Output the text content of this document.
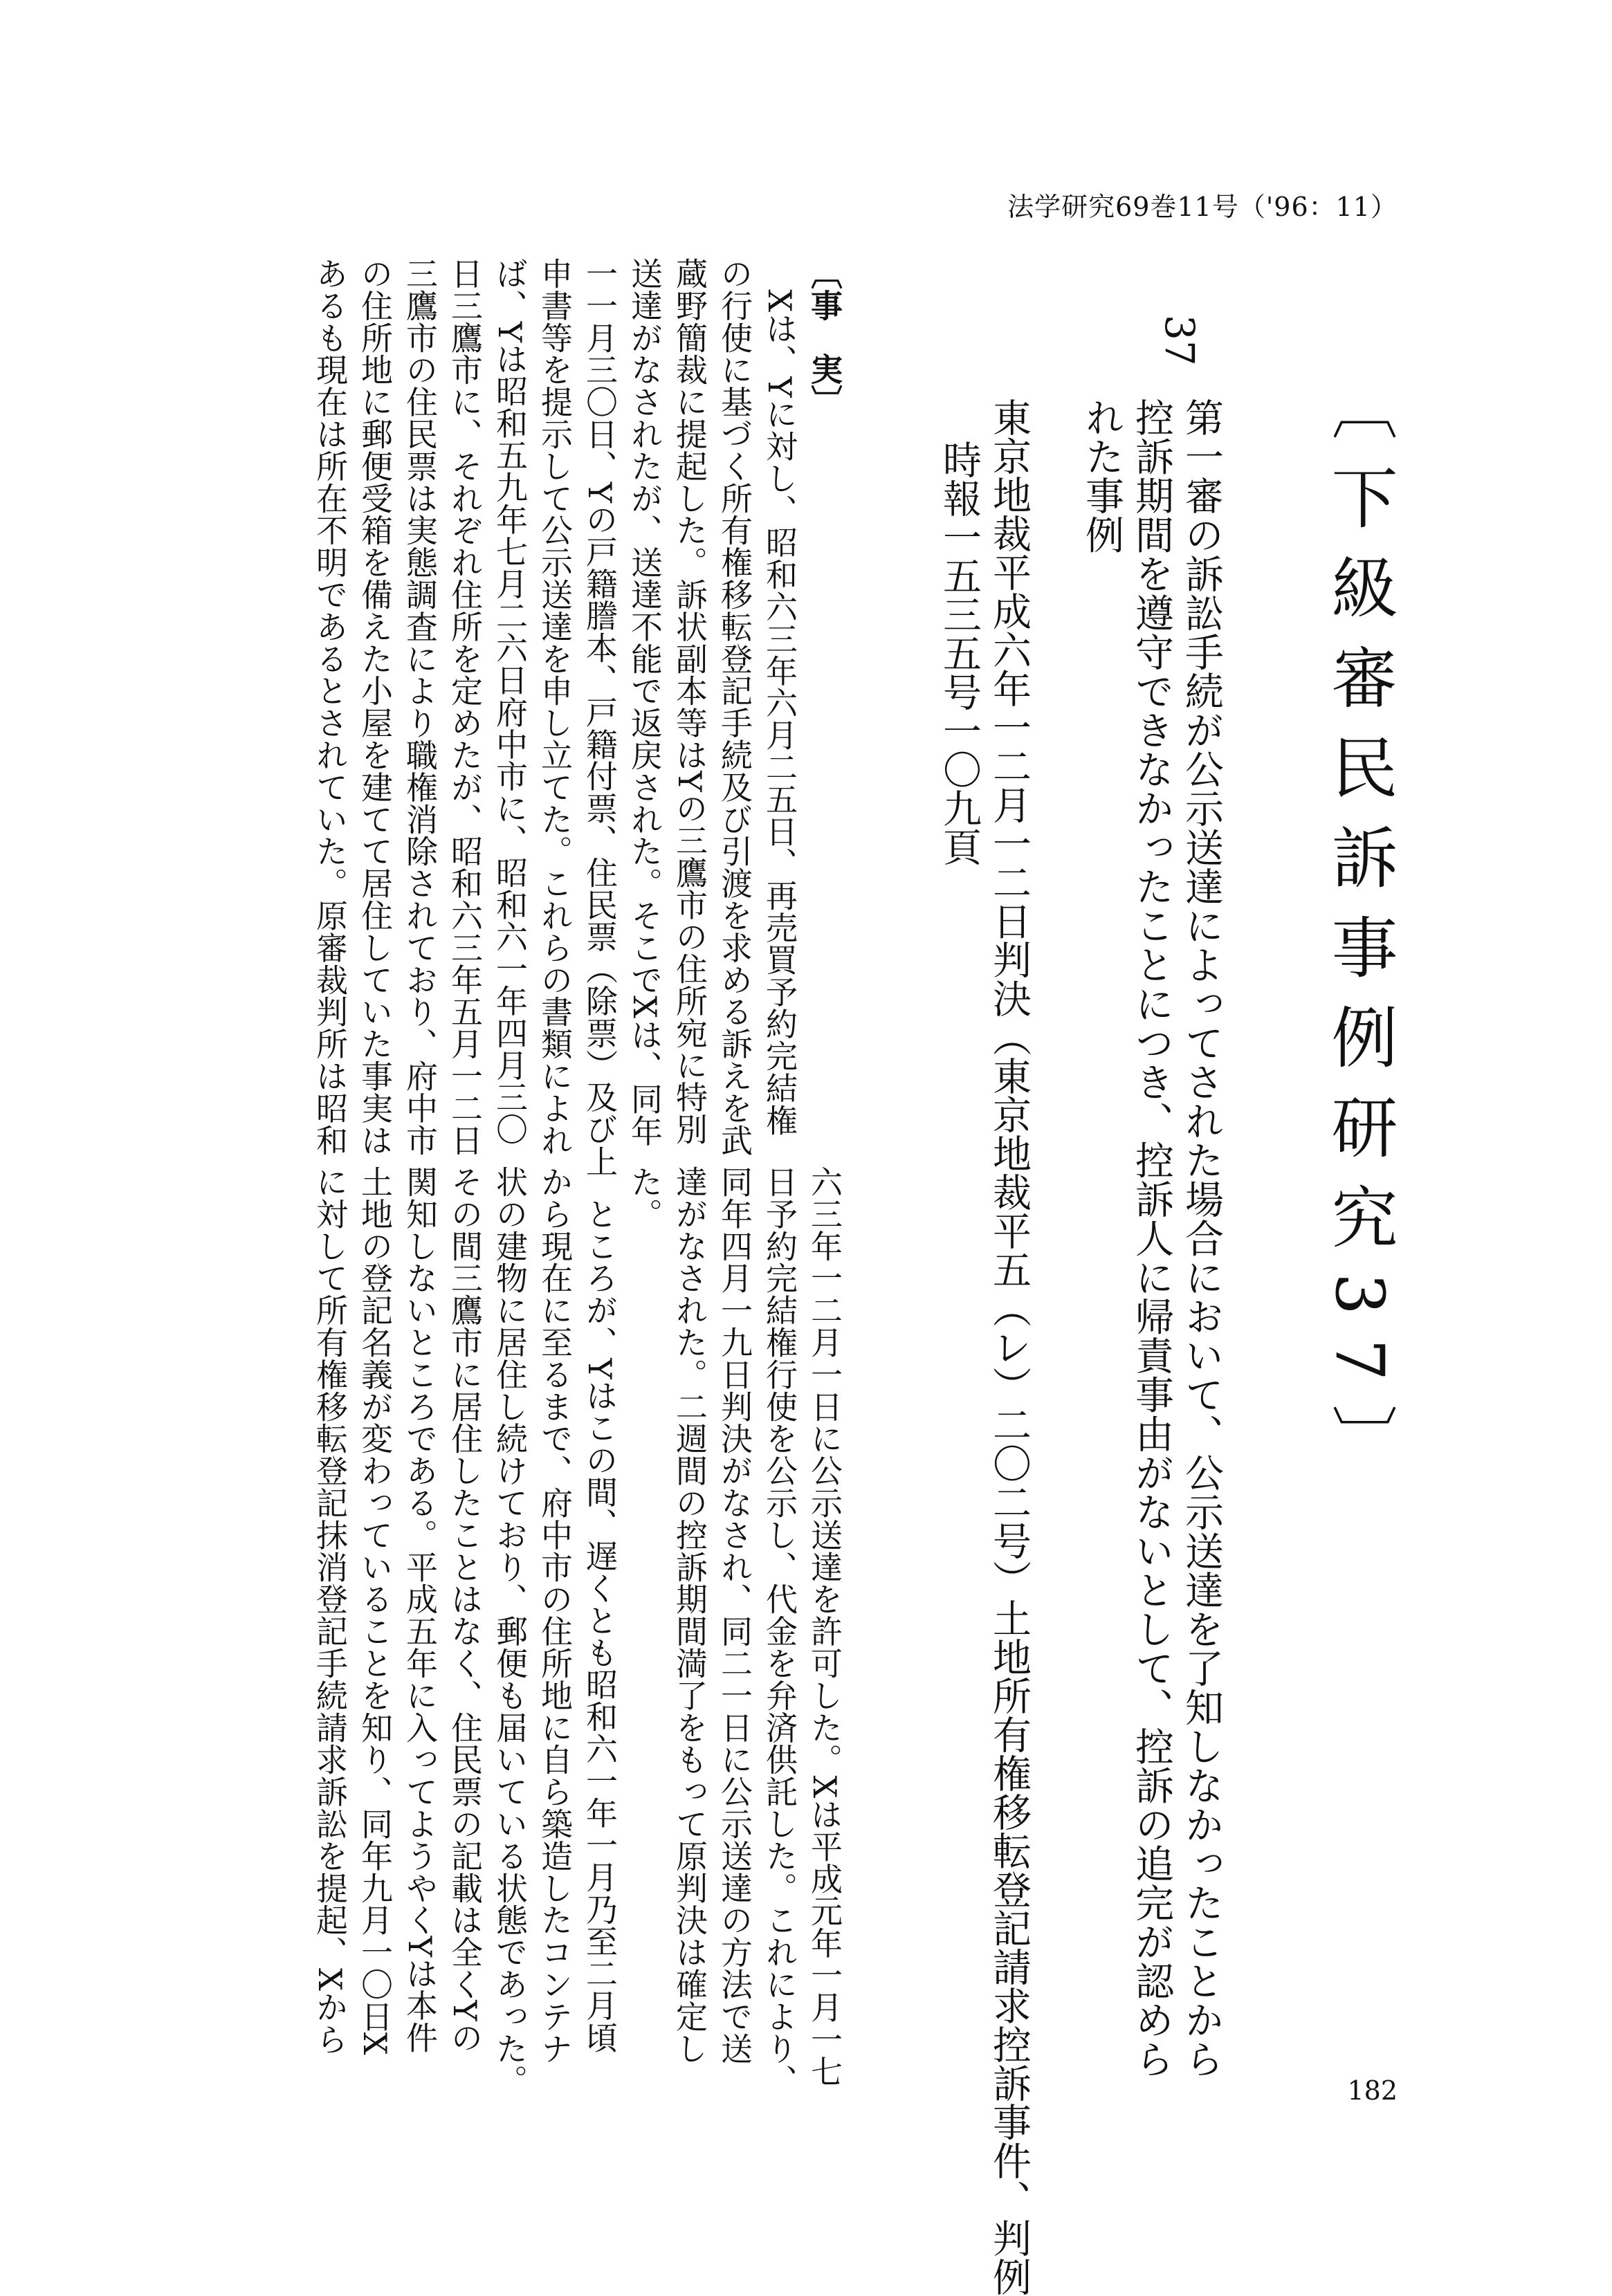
法学研究69巻11号（'96：11）
〔下級審民訴事例研究37〕
37
第一審の訴訟手続が公示送達によってされた場合において、公示送達を了知しなかったことから
控訴期間を遵守できなかったことにつき、控訴人に帰責事由がないとして、控訴の追完が認めら
れた事例
東京地裁平成六年一二月一二日判決（東京地裁平五（レ）二〇二号）土地所有権移転登記請求控訴事件、判例
時報一五三五号一〇九頁
〔事　実〕
　Xは、Yに対し、昭和六三年六月二五日、再売買予約完結権
の行使に基づく所有権移転登記手続及び引渡を求める訴えを武
蔵野簡裁に提起した。訴状副本等はYの三鷹市の住所宛に特別
送達がなされたが、送達不能で返戻された。そこでXは、同年
一一月三〇日、Yの戸籍謄本、戸籍付票、住民票（除票）及び上
申書等を提示して公示送達を申し立てた。これらの書類によれ
ば、Yは昭和五九年七月二六日府中市に、昭和六一年四月三〇
日三鷹市に、それぞれ住所を定めたが、昭和六三年五月一二日
三鷹市の住民票は実態調査により職権消除されており、府中市
の住所地に郵便受箱を備えた小屋を建てて居住していた事実は
あるも現在は所在不明であるとされていた。原審裁判所は昭和
六三年一二月一日に公示送達を許可した。Xは平成元年一月一七
日予約完結権行使を公示し、代金を弁済供託した。これにより、
同年四月一九日判決がなされ、同二一日に公示送達の方法で送
達がなされた。二週間の控訴期間満了をもって原判決は確定し
た。
　ところが、Yはこの間、遅くとも昭和六一年一月乃至二月頃
から現在に至るまで、府中市の住所地に自ら築造したコンテナ
状の建物に居住し続けており、郵便も届いている状態であった。
その間三鷹市に居住したことはなく、住民票の記載は全くYの
関知しないところである。平成五年に入ってようやくYは本件
土地の登記名義が変わっていることを知り、同年九月一〇日X
に対して所有権移転登記抹消登記手続請求訴訟を提起、Xから
182
